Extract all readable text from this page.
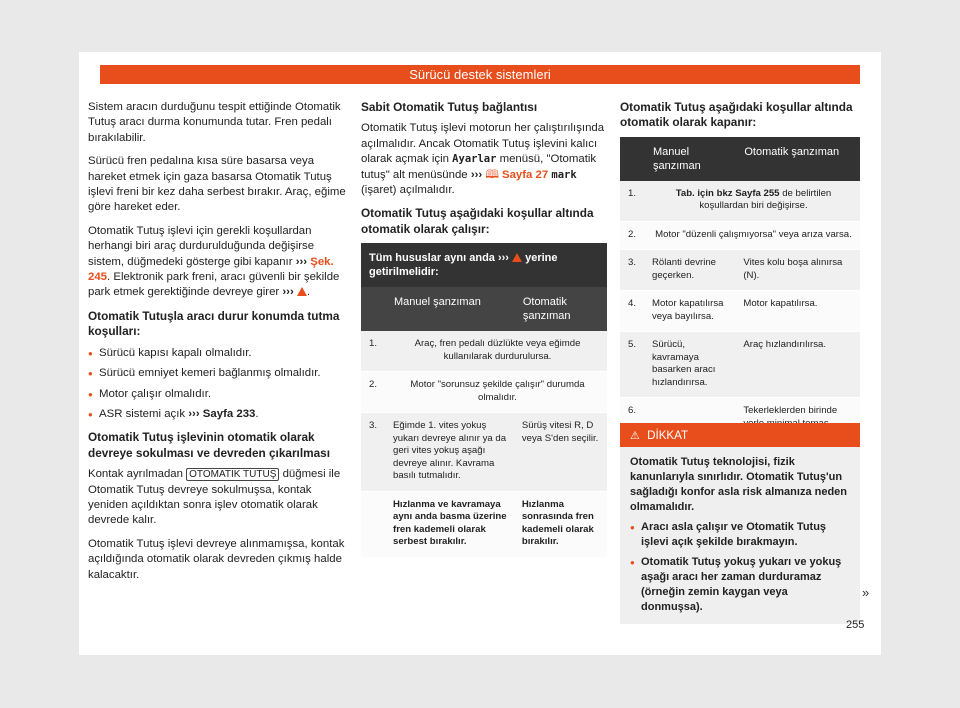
Sürücü destek sistemleri

Sistem aracın durduğunu tespit ettiğinde Otomatik Tutuş aracı durma konumunda tutar. Fren pedalı bırakılabilir.

Sürücü fren pedalına kısa süre basarsa veya hareket etmek için gaza basarsa Otomatik Tutuş işlevi freni bir kez daha serbest bırakır. Araç, eğime göre hareket eder.

Otomatik Tutuş işlevi için gerekli koşullardan herhangi biri araç durdurulduğunda değişirse sistem, düğmedeki gösterge gibi kapanır ››› Şek. 245. Elektronik park freni, aracı güvenli bir şekilde park etmek gerektiğinde devreye girer ››› .

Otomatik Tutuşla aracı durur konumda tutma koşulları:

● Sürücü kapısı kapalı olmalıdır.

● Sürücü emniyet kemeri bağlanmış olmalıdır.

● Motor çalışır olmalıdır.

● ASR sistemi açık ››› Sayfa 233.

Otomatik Tutuş işlevinin otomatik olarak devreye sokulması ve devreden çıkarılması

Kontak ayrılmadan OTOMATİK TUTUŞ düğmesi ile Otomatik Tutuş devreye sokulmuşsa, kontak yeniden açıldıktan sonra işlev otomatik olarak devrede kalır.

Otomatik Tutuş işlevi devreye alınmamışsa, kontak açıldığında otomatik olarak devreden çıkmış halde kalacaktır.

Sabit Otomatik Tutuş bağlantısı

Otomatik Tutuş işlevi motorun her çalıştırılışında açılmalıdır. Ancak Otomatik Tutuş işlevini kalıcı olarak açmak için Ayarlar menüsü, "Otomatik tutuş" alt menüsünde ››› 🕮 Sayfa 27 mark (işaret) açılmalıdır.

Otomatik Tutuş aşağıdaki koşullar altında otomatik olarak çalışır:

Tüm hususlar aynı anda ››› yerine getirilmelidir:		
	Manuel şanzıman	Otomatik şanzıman
1.	Araç, fren pedalı düzlükte veya eğimde kullanılarak durdurulursa.	
2.	Motor "sorunsuz şekilde çalışır" durumda olmalıdır.	
3.	Eğimde 1. vites yokuş yukarı devreye alınır ya da geri vites yokuş aşağı devreye alınır. Kavrama basılı tutmalıdır.	Sürüş vitesi R, D veya S'den seçilir.
	Hızlanma ve kavramaya aynı anda basma üzerine fren kademeli olarak serbest bırakılır.	Hızlanma sonrasında fren kademeli olarak bırakılır.

Otomatik Tutuş aşağıdaki koşullar altında otomatik olarak kapanır:

	Manuel şanzıman	Otomatik şanzıman
1.	Tab. için bkz Sayfa 255 de belirtilen koşullardan biri değişirse.	
2.	Motor "düzenli çalışmıyorsa" veya arıza varsa.	
3.	Rölanti devrine geçerken.	Vites kolu boşa alınırsa (N).
4.	Motor kapatılırsa veya bayılırsa.	Motor kapatılırsa.
5.	Sürücü, kavramaya basarken aracı hızlandırırsa.	Araç hızlandırılırsa.
6.		Tekerleklerden birinde
⚠ DİKKAT

Otomatik Tutuş teknolojisi, fizik kanunlarıyla sınırlıdır. Otomatik Tutuş'un sağladığı konfor asla risk almanıza neden olmamalıdır.

● Aracı asla çalışır ve Otomatik Tutuş işlevi açık şekilde bırakmayın.

● Otomatik Tutuş yokuş yukarı ve yokuş aşağı aracı her zaman durduramaz (örneğin zemin kaygan veya donmuşsa).

»
255
